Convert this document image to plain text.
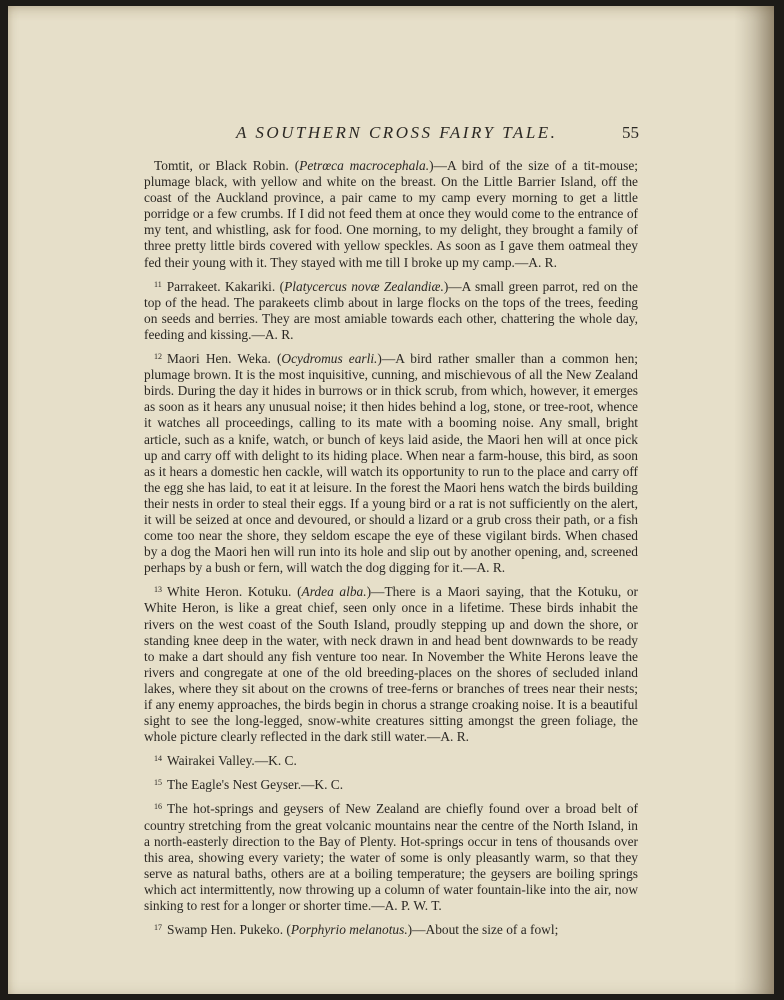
A SOUTHERN CROSS FAIRY TALE.	55

Tomtit, or Black Robin. (Petrœca macrocephala.)—A bird of the size of a tit-mouse; plumage black, with yellow and white on the breast. On the Little Barrier Island, off the coast of the Auckland province, a pair came to my camp every morning to get a little porridge or a few crumbs. If I did not feed them at once they would come to the entrance of my tent, and whistling, ask for food. One morning, to my delight, they brought a family of three pretty little birds covered with yellow speckles. As soon as I gave them oatmeal they fed their young with it. They stayed with me till I broke up my camp.—A. R.

$^{11}$ Parrakeet. Kakariki. (Platycercus novæ Zealandiæ.)—A small green parrot, red on the top of the head. The parakeets climb about in large flocks on the tops of the trees, feeding on seeds and berries. They are most amiable towards each other, chattering the whole day, feeding and kissing.—A. R.

$^{12}$ Maori Hen. Weka. (Ocydromus earli.)—A bird rather smaller than a common hen; plumage brown. It is the most inquisitive, cunning, and mischievous of all the New Zealand birds. During the day it hides in burrows or in thick scrub, from which, however, it emerges as soon as it hears any unusual noise; it then hides behind a log, stone, or tree-root, whence it watches all proceedings, calling to its mate with a booming noise. Any small, bright article, such as a knife, watch, or bunch of keys laid aside, the Maori hen will at once pick up and carry off with delight to its hiding place. When near a farm-house, this bird, as soon as it hears a domestic hen cackle, will watch its opportunity to run to the place and carry off the egg she has laid, to eat it at leisure. In the forest the Maori hens watch the birds building their nests in order to steal their eggs. If a young bird or a rat is not sufficiently on the alert, it will be seized at once and devoured, or should a lizard or a grub cross their path, or a fish come too near the shore, they seldom escape the eye of these vigilant birds. When chased by a dog the Maori hen will run into its hole and slip out by another opening, and, screened perhaps by a bush or fern, will watch the dog digging for it.—A. R.

$^{13}$ White Heron. Kotuku. (Ardea alba.)—There is a Maori saying, that the Kotuku, or White Heron, is like a great chief, seen only once in a lifetime. These birds inhabit the rivers on the west coast of the South Island, proudly stepping up and down the shore, or standing knee deep in the water, with neck drawn in and head bent downwards to be ready to make a dart should any fish venture too near. In November the White Herons leave the rivers and congregate at one of the old breeding-places on the shores of secluded inland lakes, where they sit about on the crowns of tree-ferns or branches of trees near their nests; if any enemy approaches, the birds begin in chorus a strange croaking noise. It is a beautiful sight to see the long-legged, snow-white creatures sitting amongst the green foliage, the whole picture clearly reflected in the dark still water.—A. R.

$^{14}$ Wairakei Valley.—K. C.

$^{15}$ The Eagle's Nest Geyser.—K. C.

$^{16}$ The hot-springs and geysers of New Zealand are chiefly found over a broad belt of country stretching from the great volcanic mountains near the centre of the North Island, in a north-easterly direction to the Bay of Plenty. Hot-springs occur in tens of thousands over this area, showing every variety; the water of some is only pleasantly warm, so that they serve as natural baths, others are at a boiling temperature; the geysers are boiling springs which act intermittently, now throwing up a column of water fountain-like into the air, now sinking to rest for a longer or shorter time.—A. P. W. T.

$^{17}$ Swamp Hen. Pukeko. (Porphyrio melanotus.)—About the size of a fowl;
